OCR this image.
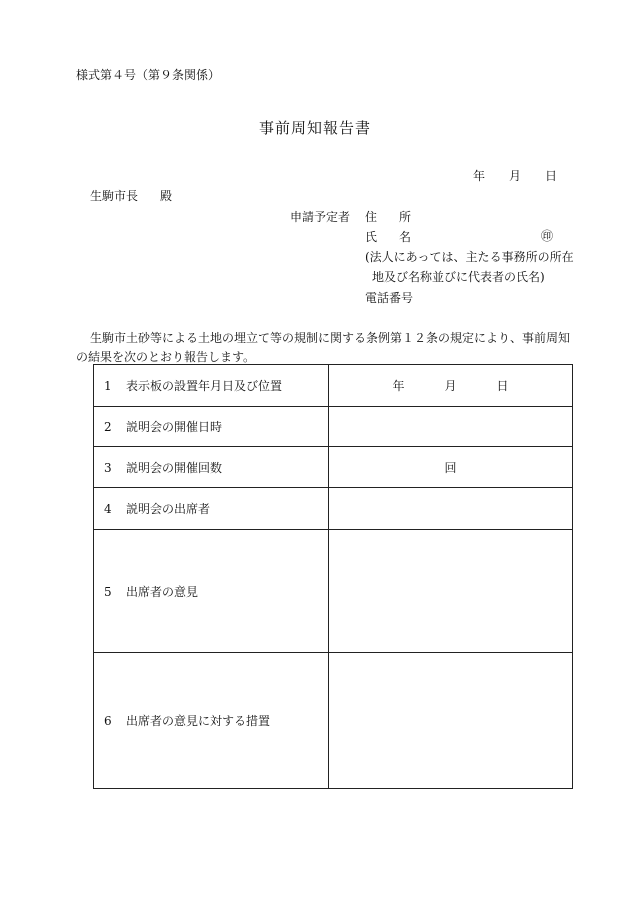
様式第４号（第９条関係）
事前周知報告書
年 月 日
生駒市長 殿
申請予定者 住 所
氏 名	㊞
(法人にあっては、主たる事務所の所在
地及び名称並びに代表者の氏名)
電話番号
生駒市土砂等による土地の埋立て等の規制に関する条例第１２条の規定により、事前周知
の結果を次のとおり報告します。
1 表示板の設置年月日及び位置	年 月 日
2 説明会の開催日時	
3 説明会の開催回数	回
4 説明会の出席者	
5 出席者の意見	
6 出席者の意見に対する措置	
